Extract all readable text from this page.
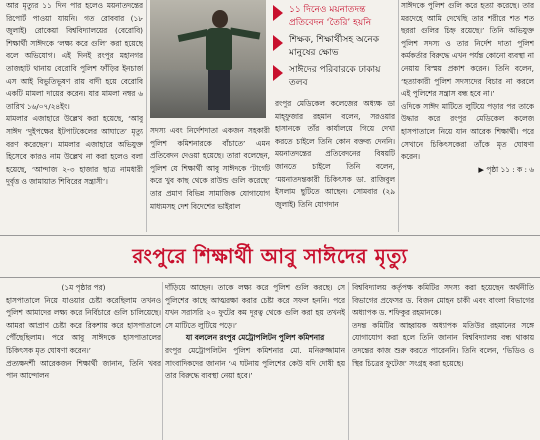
আর মৃত্যুর ১১ দিন পার হলেও ময়নাতদন্তের রিপোর্ট পাওয়া যায়নি। গত রোববার (১৮ জুলাই) রোকেয়া বিশ্ববিদ্যালয়ের (বেরোবি) শিক্ষার্থী সাঈদকে ‘লক্ষ্য করে গুলি’ করা হয়েছে বলে অভিযোগ। এই দিনই রংপুর মহানগর তাজহাট থানায় বেরোবি পুলিশ ফাঁড়ির ইনচার্জ এস আই বিভুতিভূষণ রায় বাদী হয়ে বেরোবি একটি মামলা দায়ের করেন। যার মামলা নম্বর ৬ তারিখ ১৬/০৭/২৪ইং।

মামলার এজাহারে উল্লেখ করা হয়েছে, ‘আবু সাঈদ ‘দুইপক্ষের ইটপাটকেলের আঘাতে’ মৃত্যু বরণ করেছেন’। মামলার এজাহারে অভিযুক্ত হিসেবে কারও নাম উল্লেখ না করা হলেও বলা হয়েছে, ‘আন্দাজ ২-৩ হাজার ছাত্র নামধারী দুর্বৃত্ত ও জামায়াত শিবিরের সন্ত্রাসী’।

সদস্য এবং নির্দেশদাতা একজন সহকারী পুলিশ কমিশনারকে বাঁচাতে’ এমন প্রতিবেদন দেওয়া হয়েছে। তারা বলেছেন, পুলিশ যে শিক্ষার্থী আবু সাঈদকে ‘টার্গেট করে খুব কাছ থেকে রাউন্ড গুলি করেছে’ তার প্রমাণ বিভিন্ন সামাজিক যোগাযোগ মাধ্যমসহ দেশ বিদেশের ভাইরাল

১১ দিনেও ময়নাতদন্ত প্রতিবেদন ‘তৈরি’ হয়নি
শিক্ষক, শিক্ষার্থীসহ অনেক মানুষের ক্ষোভ
সাঈদের পরিবারকে ঢাকায় তলব

রংপুর মেডিকেল কলেজের অধ্যক্ষ ডা মাহ্ফুজার রহমান বলেন, সরওয়ার হাসানকে তাঁর কার্যালয়ে গিয়ে দেখা করতে চাইলে তিনি কোন বক্তব্য দেননি। ময়নাতদন্তের প্রতিবেদনের বিষয়টি জানতে চাইলে তিনি বলেন, ‘ময়নাতদন্তকারী চিকিৎসক ডা. রাজিবুল ইসলাম ছুটিতে আছেন। সোমবার (২৯ জুলাই) তিনি যোগদান

সাঈদকে পুলিশ গুলি করে হত্যা করেছে। তার মরদেহে আমি দেখেছি তার শরীরে শত শত ছররা গুলির চিহ্ন রয়েছে।’ তিনি অভিযুক্ত পুলিশ সদস্য ও তার নির্দেশ দাতা পুলিশ কর্মকর্তার বিরুদ্ধে এখন পর্যন্ত কোনো ব্যবস্থা না নেয়ায় বিস্ময় প্রকাশ করেন। তিনি বলেন, ‘হত্যাকারী পুলিশ সদস্যদের বিচার না করলে এই পুলিশের সন্ত্রাস বন্ধ হবে না।’

ওদিকে সাঈদ মাটিতে লুটিয়ে পড়ার পর তাকে উদ্ধার করে রংপুর মেডিকেল কলেজ হাসপাতালে নিয়ে যান আরেক শিক্ষার্থী। পরে সেখানে চিকিৎসকেরা তাঁকে মৃত ঘোষণা করেন।

▶ পৃষ্ঠা ১১ : ক : ৬

রংপুরে শিক্ষার্থী আবু সাঈদের মৃত্যু

(১ম পৃষ্ঠার পর)

হাসপাতালে নিয়ে যাওয়ার চেষ্টা করেছিলাম তখনও পুলিশ আমাদের লক্ষ্য করে নির্বিচারে গুলি চালিয়েছে। আমরা আপ্রাণ চেষ্টা করে রিকশায় করে হাসপাতালে পৌঁছেছিলাম। পরে আবু সাঈদকে হাসপাতালের চিকিৎসক মৃত ঘোষণা করেন।’

প্রত্যক্ষদর্শী আরেকজন শিক্ষার্থী জানান, তিনি খবর পান আন্দোলন

দাঁড়িয়ে আছেন। তাকে লক্ষ্য করে পুলিশ গুলি করছে। সে পুলিশের কাছে আত্মরক্ষা করার চেষ্টা করে সফল হননি। পরে যখন সরাসরি ২০ ফুটের কম দূরত্ব থেকে গুলি করা হয় তখনই সে মাটিতে লুটিয়ে পড়ে।’

যা বললেন রংপুর মেট্রোপলিটন পুলিশ কমিশনার

রংপুর মেট্রোপলিটন পুলিশ কমিশনার মো. মনিরুজ্জামান সাংবাদিকদের জানান ‘এ ঘটনায় পুলিশের কেউ যদি দোষী হয় তার বিরুদ্ধে ব্যবস্থা নেয়া হবে।’

বিশ্ববিদ্যালয় কর্তৃপক্ষ কমিটির সদস্য করা হয়েছেন অর্থনীতি বিভাগের প্রফেসর ড. বিজন মোহন চাকী এবং বাংলা বিভাগের অধ্যাপক ড. শফিকুর রহমানকে।

তদন্ত কমিটির আহ্বায়ক অধ্যাপক মতিউর রহমানের সঙ্গে যোগাযোগ করা হলে তিনি জানান বিশ্ববিদ্যালয় বন্ধ থাকায় তদন্তের কাজ শুরু করতে পারেননি। তিনি বলেন, ‘ভিডিও ও স্থির চিত্রের ফুটেজ’ সংগ্রহ করা হয়েছে।
